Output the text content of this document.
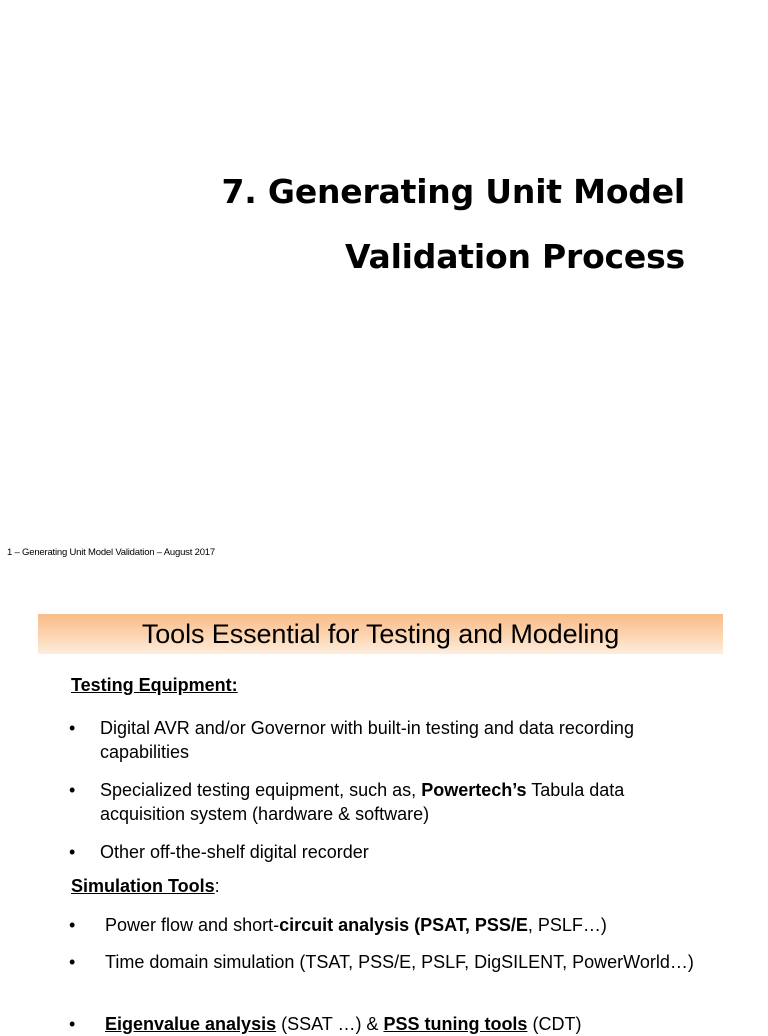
7. Generating Unit Model
Validation Process
1 – Generating Unit Model Validation – August 2017
Tools Essential for Testing and Modeling
Testing Equipment:
• Digital AVR and/or Governor with built-in testing and data recording capabilities
• Specialized testing equipment, such as, Powertech’s Tabula data acquisition system (hardware & software)
• Other off-the-shelf digital recorder
Simulation Tools:
• Power flow and short-circuit analysis (PSAT, PSS/E, PSLF…)
• Time domain simulation (TSAT, PSS/E, PSLF, DigSILENT, PowerWorld…)
• Eigenvalue analysis (SSAT …) & PSS tuning tools (CDT)
